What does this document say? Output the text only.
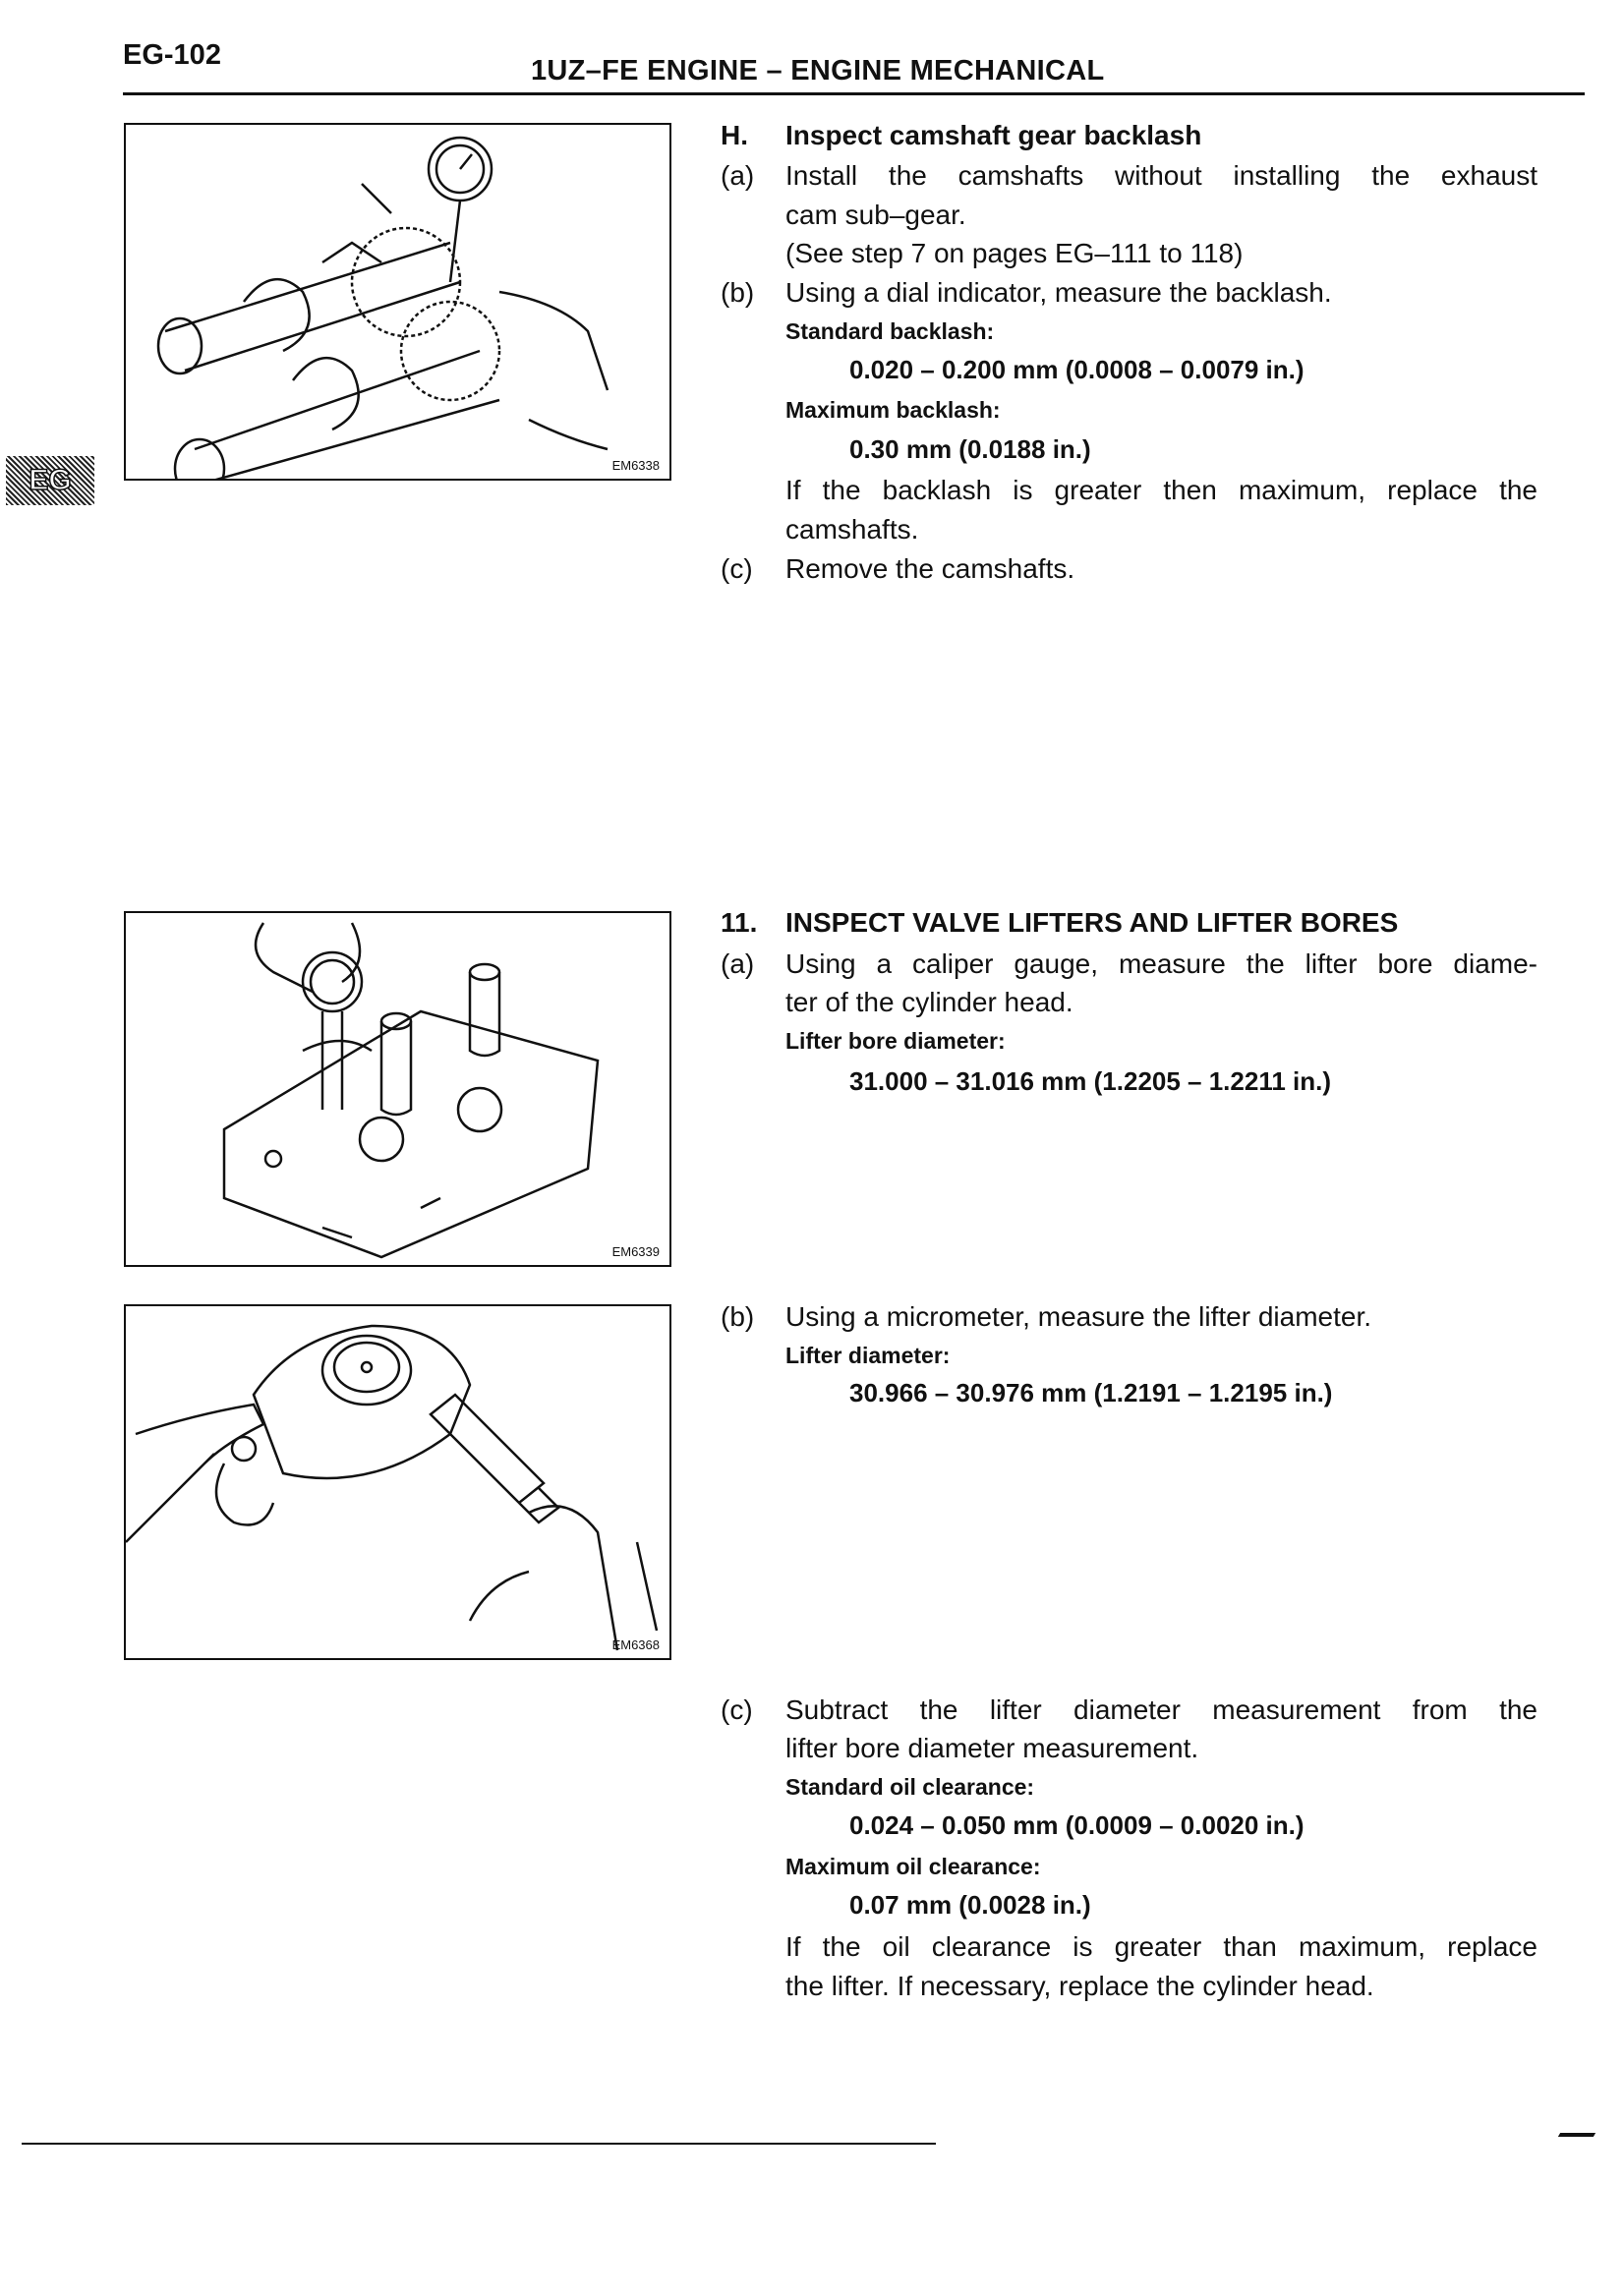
EG-102	1UZ–FE ENGINE – ENGINE MECHANICAL
EG	EM6338
EM6339
EM6368
H. Inspect camshaft gear backlash
(a) Install the camshafts without installing the exhaust
cam sub–gear.
(See step 7 on pages EG–111 to 118)
(b) Using a dial indicator, measure the backlash.
Standard backlash:
0.020 – 0.200 mm (0.0008 – 0.0079 in.)
Maximum backlash:
0.30 mm (0.0188 in.)
If the backlash is greater then maximum, replace the
camshafts.
(c) Remove the camshafts.
11. INSPECT VALVE LIFTERS AND LIFTER BORES
(a) Using a caliper gauge, measure the lifter bore diame-
ter of the cylinder head.
Lifter bore diameter:
31.000 – 31.016 mm (1.2205 – 1.2211 in.)
(b) Using a micrometer, measure the lifter diameter.
Lifter diameter:
30.966 – 30.976 mm (1.2191 – 1.2195 in.)
(c) Subtract the lifter diameter measurement from the
lifter bore diameter measurement.
Standard oil clearance:
0.024 – 0.050 mm (0.0009 – 0.0020 in.)
Maximum oil clearance:
0.07 mm (0.0028 in.)
If the oil clearance is greater than maximum, replace
the lifter. If necessary, replace the cylinder head.
